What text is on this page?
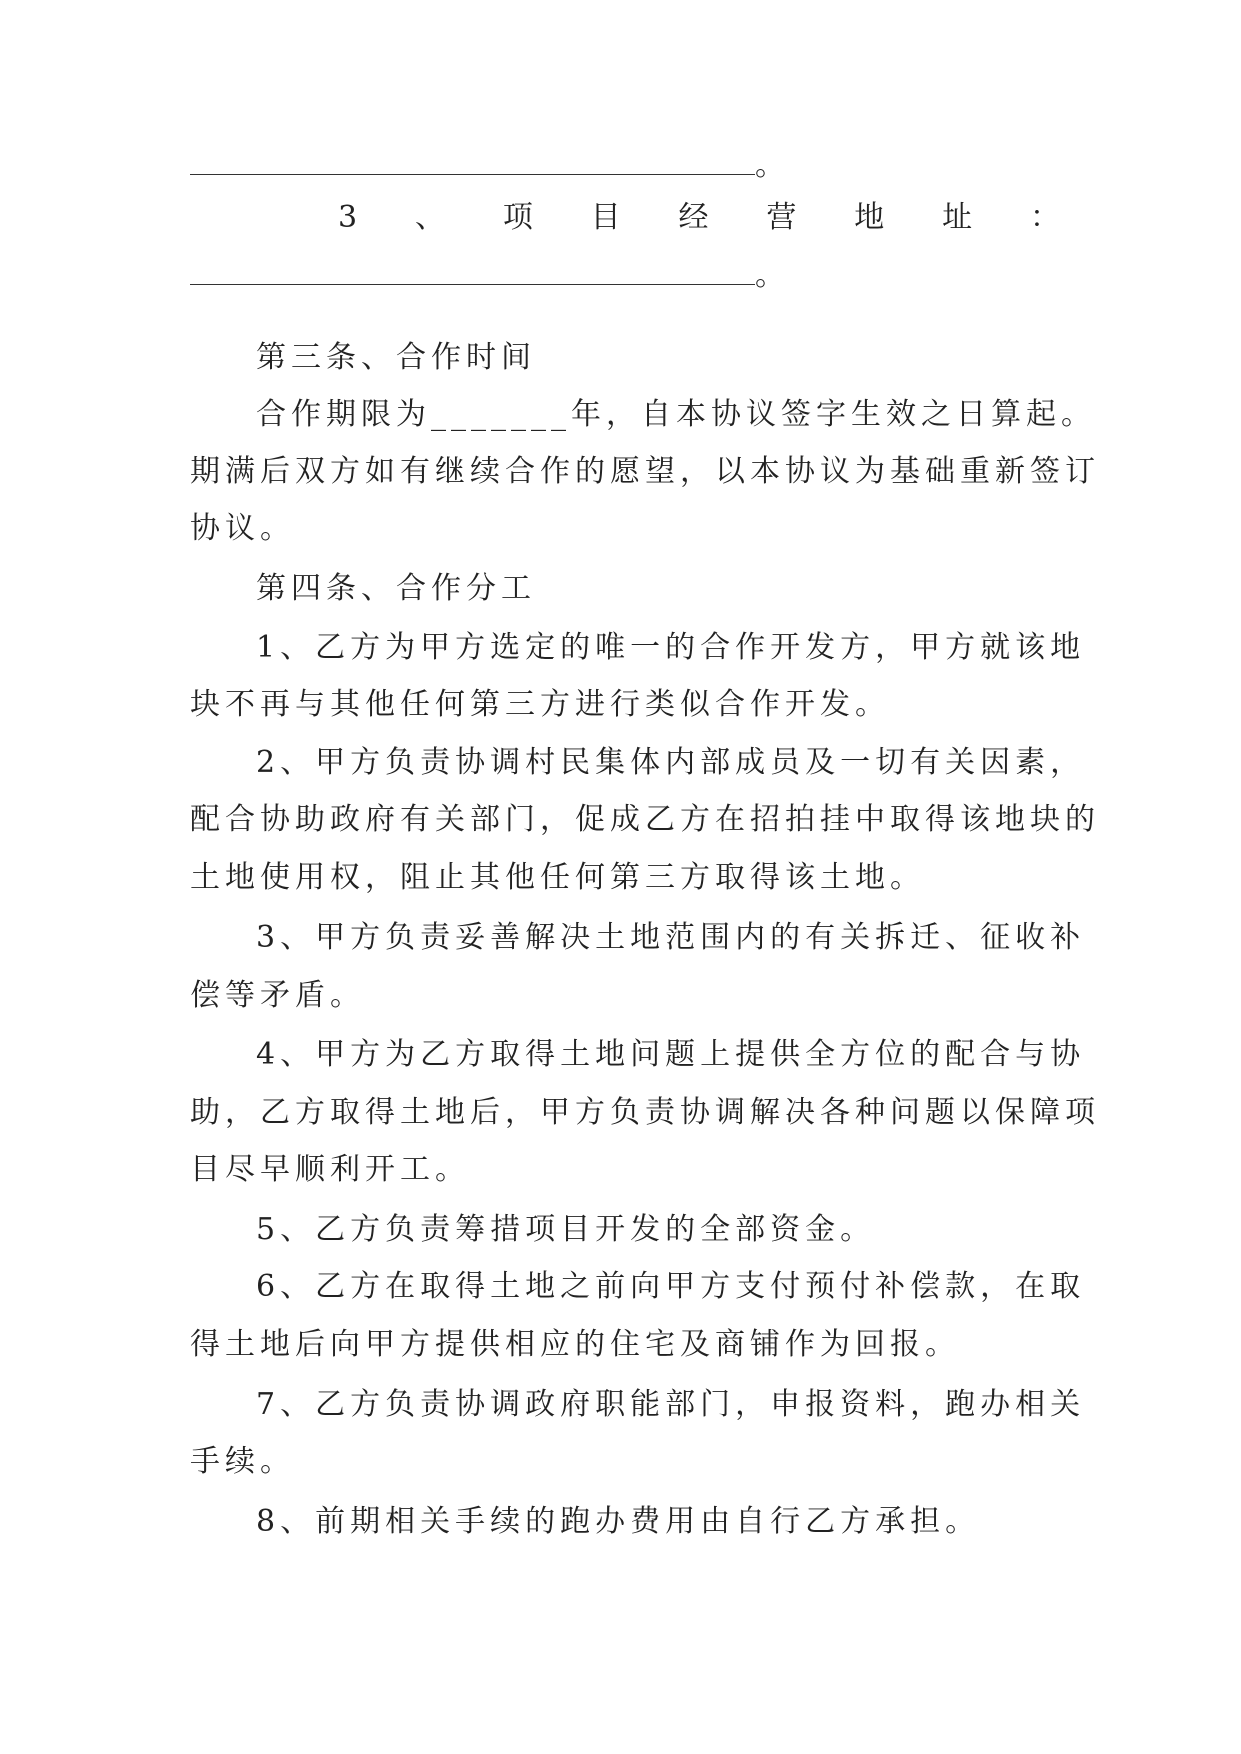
。
3 、 项 目 经 营 地 址 ：
。
第三条、合作时间
合作期限为_______年，自本协议签字生效之日算起。
期满后双方如有继续合作的愿望，以本协议为基础重新签订
协议。
第四条、合作分工
1、乙方为甲方选定的唯一的合作开发方，甲方就该地
块不再与其他任何第三方进行类似合作开发。
2、甲方负责协调村民集体内部成员及一切有关因素，
配合协助政府有关部门，促成乙方在招拍挂中取得该地块的
土地使用权，阻止其他任何第三方取得该土地。
3、甲方负责妥善解决土地范围内的有关拆迁、征收补
偿等矛盾。
4、甲方为乙方取得土地问题上提供全方位的配合与协
助，乙方取得土地后，甲方负责协调解决各种问题以保障项
目尽早顺利开工。
5、乙方负责筹措项目开发的全部资金。
6、乙方在取得土地之前向甲方支付预付补偿款，在取
得土地后向甲方提供相应的住宅及商铺作为回报。
7、乙方负责协调政府职能部门，申报资料，跑办相关
手续。
8、前期相关手续的跑办费用由自行乙方承担。
